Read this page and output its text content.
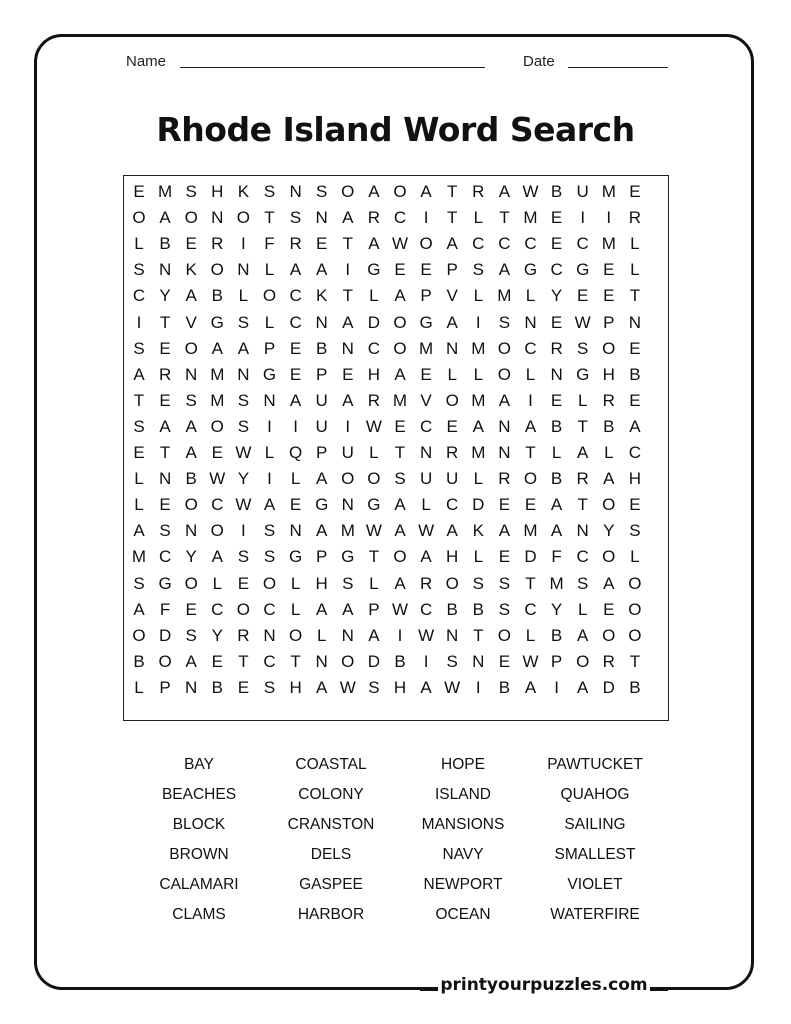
Name	Date
Rhode Island Word Search
E M S H K S N S O A O A T R A W B U M E
O A O N O T S N A R C	I	T L T M E	I	I	R
L B E R	I	F R E T A W O A C C C E C M L
S N K O N L A A	I	G E E P S A G C G E L
C Y A B L O C K T L A P V L M L Y E E T
I	T V G S L C N A D O G A	I	S N E W P N
S E O A A P E B N C O M N M O C R S O E
A R N M N G E P E H A E L L O L N G H B
T E S M S N A U A R M V O M A	I	E L R E
S A A O S	I	I	U	I W E C E A N A B T B A
E T A E W L Q P U L T N R M N T L A L C
L N B W Y	I	L A O O S U U L R O B R A H
L E O C W A E G N G A L C D E E A T O E
A S N O	I	S N A M W A W A K A M A N Y S
M C Y A S S G P G T O A H L E D F C O L
S G O L E O L H S L A R O S S T M S A O
A F E C O C L A A P W C B B S C Y L E O
O D S Y R N O L N A	I W N T O L B A O O
B O A E T C T N O D B	I	S N E W P O R T
L P N B E S H A W S H A W I	B A	I	A D B
BAY	COASTAL	HOPE	PAWTUCKET
BEACHES	COLONY	ISLAND	QUAHOG
BLOCK	CRANSTON	MANSIONS	SAILING
BROWN	DELS	NAVY	SMALLEST
CALAMARI	GASPEE	NEWPORT	VIOLET
CLAMS	HARBOR	OCEAN	WATERFIRE
printyourpuzzles.com
